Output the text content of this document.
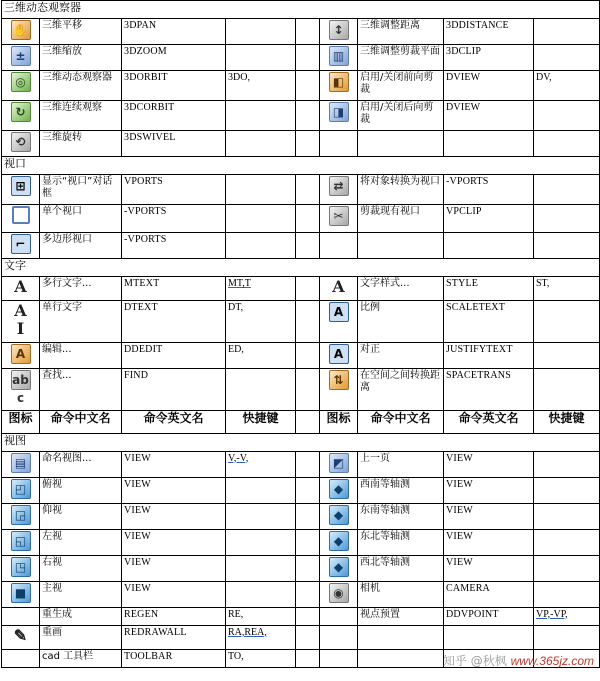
三维动态观察器								
✋	三维平移	3DPAN			↕	三维调整距离	3DDISTANCE	
±	三维缩放	3DZOOM			▥	三维调整剪裁平面	3DCLIP	
◎	三维动态观察器	3DORBIT	3DO,		◧	启用/关闭前向剪裁	DVIEW	DV,
↻	三维连续观察	3DCORBIT			◨	启用/关闭后向剪裁	DVIEW	
⟲	三维旋转	3DSWIVEL						
视口								
⊞	显示“视口”对话框	VPORTS			⇄	将对象转换为视口	-VPORTS	
	单个视口	-VPORTS			✂	剪裁现有视口	VPCLIP	
⌐	多边形视口	-VPORTS						
文字								
A	多行文字...	MTEXT	MT,T		A	文字样式...	STYLE	ST,
AI	单行文字	DTEXT	DT,		A	比例	SCALETEXT	
A	编辑...	DDEDIT	ED,		A	对正	JUSTIFYTEXT	
abc	查找...	FIND			⇅	在空间之间转换距离	SPACETRANS	
图标	命令中文名	命令英文名	快捷键		图标	命令中文名	命令英文名	快捷键
视图								
▤	命名视图...	VIEW	V,-V,		◩	上一页	VIEW	
◰	俯视	VIEW			◆	西南等轴测	VIEW	
◲	仰视	VIEW			◆	东南等轴测	VIEW	
◱	左视	VIEW			◆	东北等轴测	VIEW	
◳	右视	VIEW			◆	西北等轴测	VIEW	
■	主视	VIEW			◉	相机	CAMERA	
	重生成	REGEN	RE,			视点预置	DDVPOINT	VP,-VP,
✎	重画	REDRAWALL	RA,REA,					
	cad 工具栏	TOOLBAR	TO,						知乎 @秋枫 www.365jz.com
